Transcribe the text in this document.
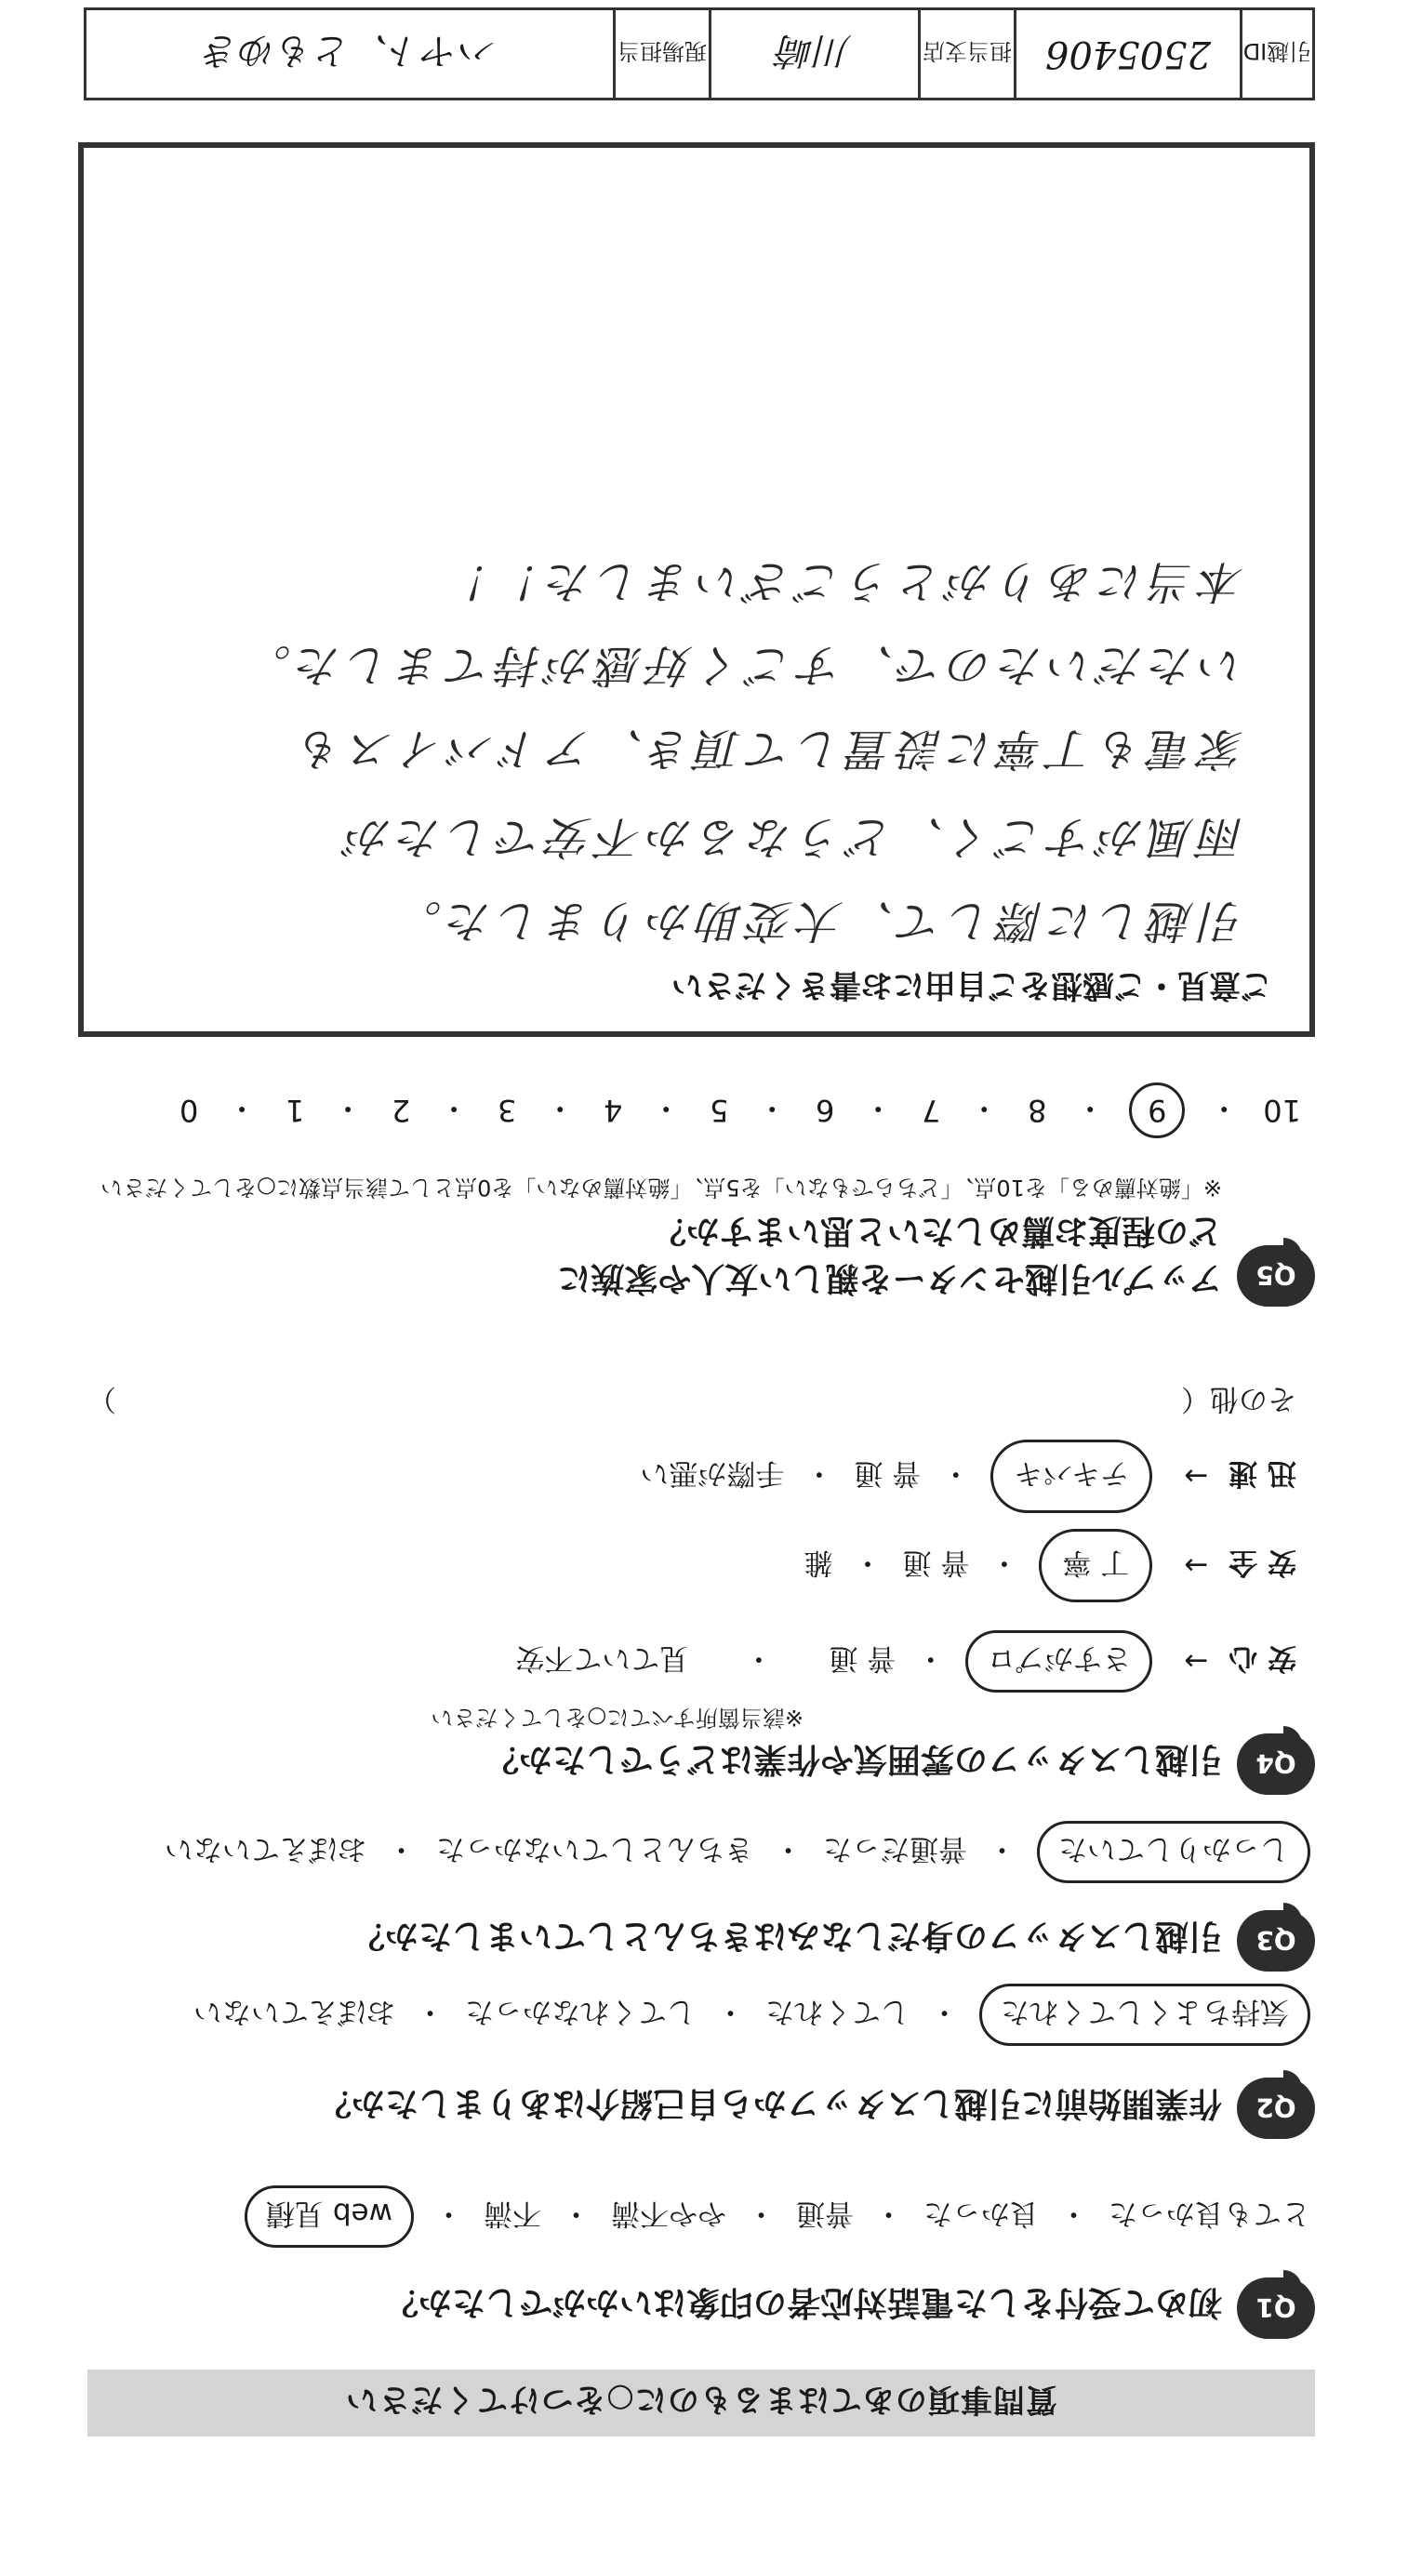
質問事項のあてはまるものに○をつけてください
Q1
初めて受付をした電話対応者の印象はいかがでしたか？
とても良かった
・
良かった
・
普通
・
やや不満
・
不満
・
web 見積
Q2
作業開始前に引越しスタッフから自己紹介はありましたか？
気持ちよくしてくれた
・
してくれた
・
してくれなかった
・
おぼえていない
Q3
引越しスタッフの身だしなみはきちんとしていましたか？
しっかりしていた
・
普通だった
・
きちんとしていなかった
・
おぼえていない
Q4
引越しスタッフの雰囲気や作業はどうでしたか？
※該当箇所すべてに○をしてください
安 心
→
さすがプロ
・
普 通
・
見ていて不安
安 全
→
丁 寧
・
普 通
・
雑
迅 速
→
テキパキ
・
普 通
・
手際が悪い
その他（
）
Q5
アップル引越センターを親しい友人や家族に
どの程度お薦めしたいと思いますか？
※「絶対薦める」を10点、「どちらでもない」を5点、「絶対薦めない」を0点として該当点数に○をしてください
10
・
9
・
8
・
7
・
6
・
5
・
4
・
3
・
2
・
1
・
0
ご意見・ご感想をご自由にお書きください
引越しに際して、大変助かりました。
雨風がすごく、どうなるか不安でしたが
家電も丁寧に設置して頂き、アドバイスも
いただいたので、すごく好感が持てました。
本当にありがとうございました！！
引越ID
2505406
担当支店
川崎
現場担当
ハヤト、ともゆき
